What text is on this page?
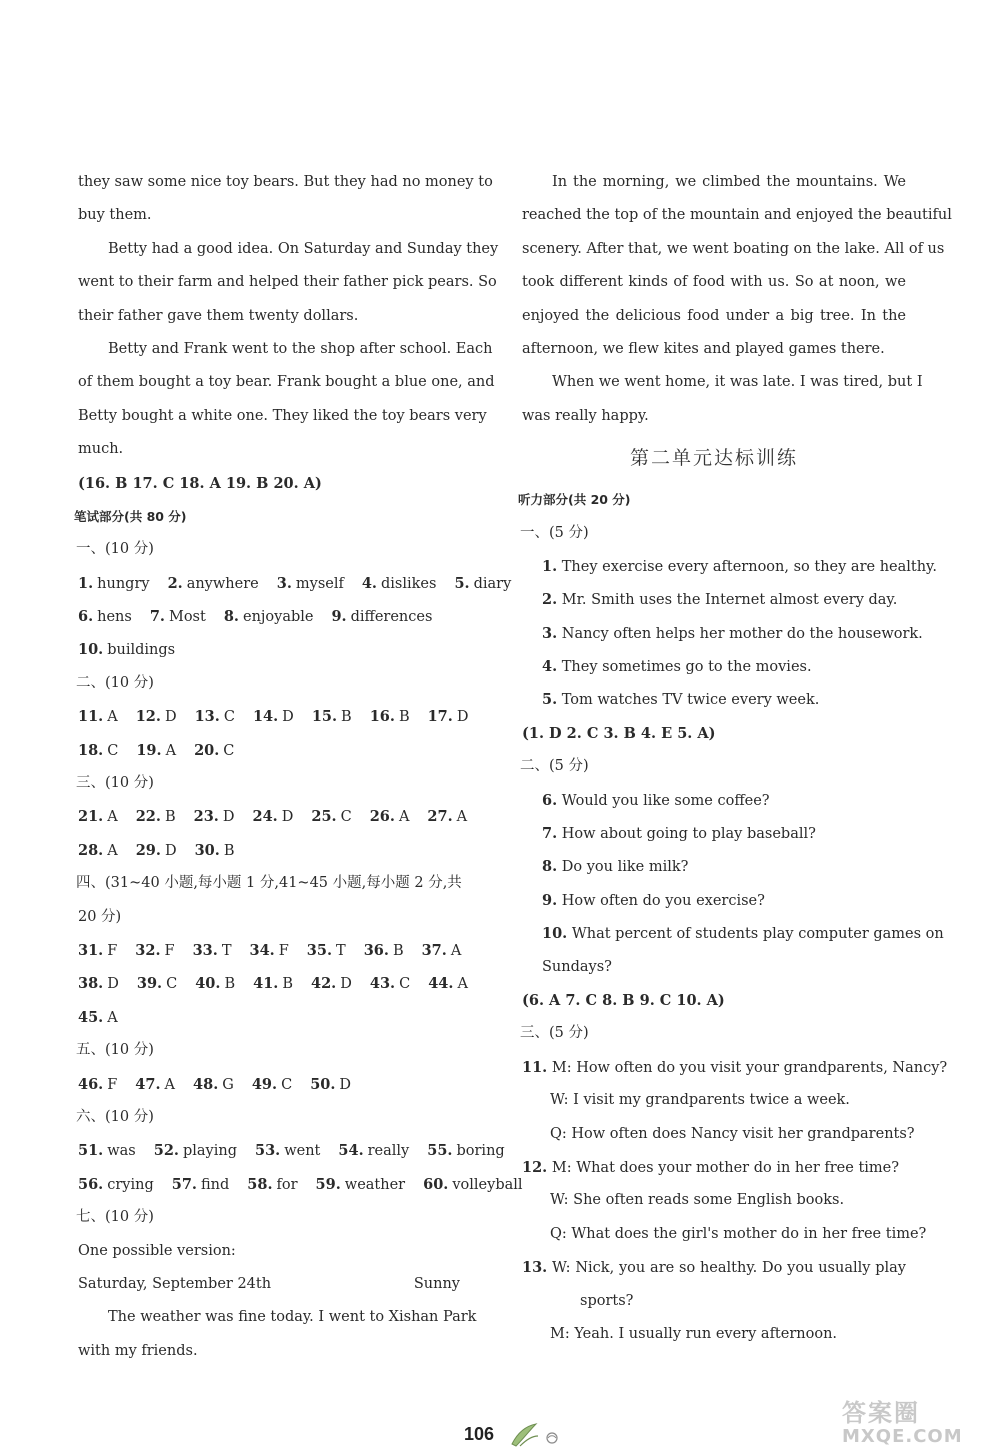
they saw some nice toy bears. But they had no money to
buy them.
Betty had a good idea. On Saturday and Sunday they
went to their farm and helped their father pick pears. So
their father gave them twenty dollars.
Betty and Frank went to the shop after school. Each
of them bought a toy bear. Frank bought a blue one, and
Betty bought a white one. They liked the toy bears very
much.
(16. B 17. C 18. A 19. B 20. A)
笔试部分(共 80 分)
一、(10 分)
1. hungry 2. anywhere 3. myself 4. dislikes 5. diary
6. hens 7. Most 8. enjoyable 9. differences
10. buildings
二、(10 分)
11. A 12. D 13. C 14. D 15. B 16. B 17. D
18. C 19. A 20. C
三、(10 分)
21. A 22. B 23. D 24. D 25. C 26. A 27. A
28. A 29. D 30. B
四、(31~40 小题,每小题 1 分,41~45 小题,每小题 2 分,共
20 分)
31. F 32. F 33. T 34. F 35. T 36. B 37. A
38. D 39. C 40. B 41. B 42. D 43. C 44. A
45. A
五、(10 分)
46. F 47. A 48. G 49. C 50. D
六、(10 分)
51. was 52. playing 53. went 54. really 55. boring
56. crying 57. find 58. for 59. weather 60. volleyball
七、(10 分)
One possible version:
Saturday, September 24th	Sunny
The weather was fine today. I went to Xishan Park
with my friends.
In the morning, we climbed the mountains. We
reached the top of the mountain and enjoyed the beautiful
scenery. After that, we went boating on the lake. All of us
took different kinds of food with us. So at noon, we
enjoyed the delicious food under a big tree. In the
afternoon, we flew kites and played games there.
When we went home, it was late. I was tired, but I
was really happy.
第二单元达标训练
听力部分(共 20 分)
一、(5 分)
1. They exercise every afternoon, so they are healthy.
2. Mr. Smith uses the Internet almost every day.
3. Nancy often helps her mother do the housework.
4. They sometimes go to the movies.
5. Tom watches TV twice every week.
(1. D 2. C 3. B 4. E 5. A)
二、(5 分)
6. Would you like some coffee?
7. How about going to play baseball?
8. Do you like milk?
9. How often do you exercise?
10. What percent of students play computer games on
Sundays?
(6. A 7. C 8. B 9. C 10. A)
三、(5 分)
11. M: How often do you visit your grandparents, Nancy?
W: I visit my grandparents twice a week.
Q: How often does Nancy visit her grandparents?
12. M: What does your mother do in her free time?
W: She often reads some English books.
Q: What does the girl's mother do in her free time?
13. W: Nick, you are so healthy. Do you usually play
sports?
M: Yeah. I usually run every afternoon.
106
答案圈
MXQE.COM
